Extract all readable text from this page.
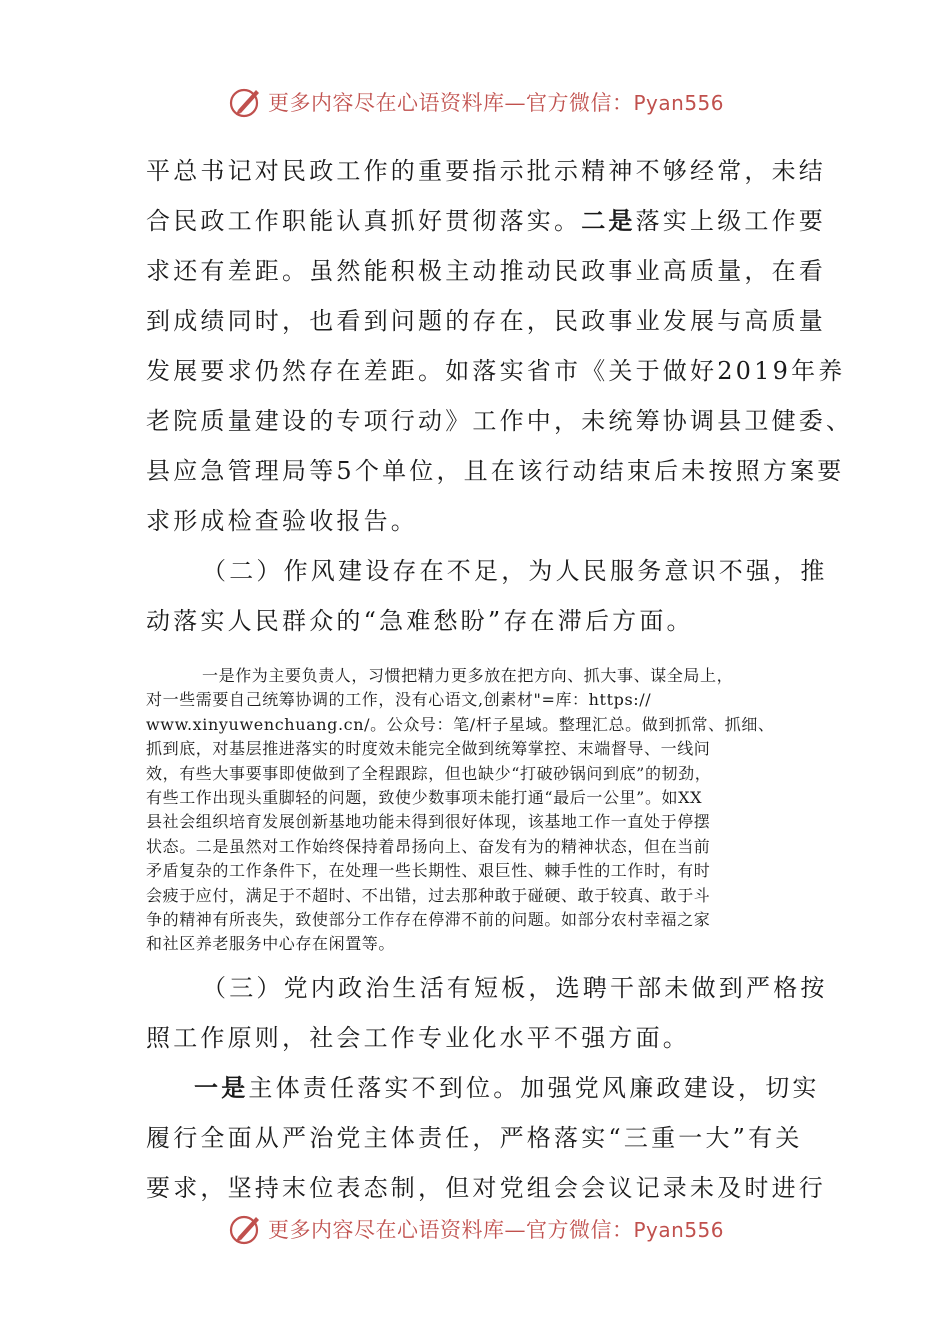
更多内容尽在心语资料库—官方微信：Pyan556
平总书记对民政工作的重要指示批示精神不够经常，未结
合民政工作职能认真抓好贯彻落实。二是落实上级工作要
求还有差距。虽然能积极主动推动民政事业高质量，在看
到成绩同时，也看到问题的存在，民政事业发展与高质量
发展要求仍然存在差距。如落实省市《关于做好2019年养
老院质量建设的专项行动》工作中，未统筹协调县卫健委、
县应急管理局等5个单位，且在该行动结束后未按照方案要
求形成检查验收报告。
（二）作风建设存在不足，为人民服务意识不强，推
动落实人民群众的“急难愁盼”存在滞后方面。
一是作为主要负责人，习惯把精力更多放在把方向、抓大事、谋全局上，
对一些需要自己统筹协调的工作，没有心语文,创素材"=库：https://
www.xinyuwenchuang.cn/。公众号：笔/杆子星域。整理汇总。做到抓常、抓细、
抓到底，对基层推进落实的时度效未能完全做到统筹掌控、末端督导、一线问
效，有些大事要事即使做到了全程跟踪，但也缺少“打破砂锅问到底”的韧劲，
有些工作出现头重脚轻的问题，致使少数事项未能打通“最后一公里”。如XX
县社会组织培育发展创新基地功能未得到很好体现，该基地工作一直处于停摆
状态。二是虽然对工作始终保持着昂扬向上、奋发有为的精神状态，但在当前
矛盾复杂的工作条件下，在处理一些长期性、艰巨性、棘手性的工作时，有时
会疲于应付，满足于不超时、不出错，过去那种敢于碰硬、敢于较真、敢于斗
争的精神有所丧失，致使部分工作存在停滞不前的问题。如部分农村幸福之家
和社区养老服务中心存在闲置等。
（三）党内政治生活有短板，选聘干部未做到严格按
照工作原则，社会工作专业化水平不强方面。
一是主体责任落实不到位。加强党风廉政建设，切实
履行全面从严治党主体责任，严格落实“三重一大”有关
要求，坚持末位表态制，但对党组会会议记录未及时进行
更多内容尽在心语资料库—官方微信：Pyan556
